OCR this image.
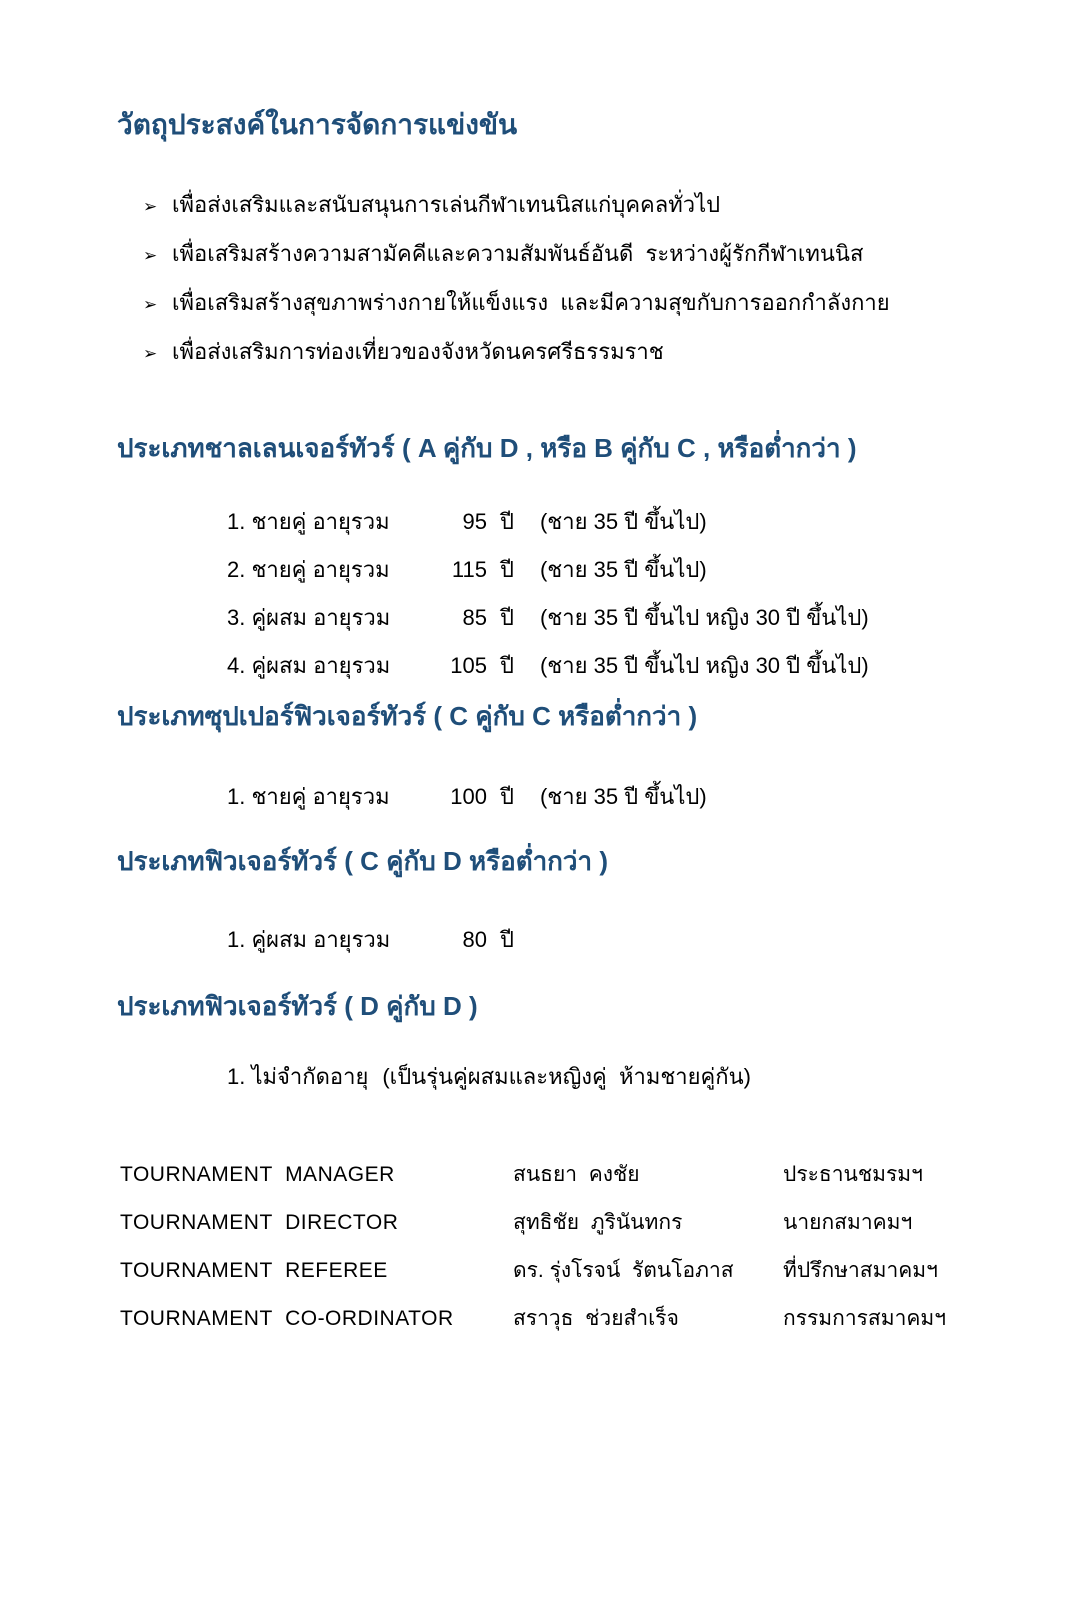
วัตถุประสงค์ในการจัดการแข่งขัน
➢ เพื่อส่งเสริมและสนับสนุนการเล่นกีฬาเทนนิสแก่บุคคลทั่วไป
➢ เพื่อเสริมสร้างความสามัคคีและความสัมพันธ์อันดี  ระหว่างผู้รักกีฬาเทนนิส
➢ เพื่อเสริมสร้างสุขภาพร่างกายให้แข็งแรง  และมีความสุขกับการออกกำลังกาย
➢ เพื่อส่งเสริมการท่องเที่ยวของจังหวัดนครศรีธรรมราช
ประเภทชาลเลนเจอร์ทัวร์ ( A คู่กับ D , หรือ B คู่กับ C , หรือต่ำกว่า )
1. ชายคู่ อายุรวม	95 ปี (ชาย 35 ปี ขึ้นไป)
2. ชายคู่ อายุรวม	115 ปี (ชาย 35 ปี ขึ้นไป)
3. คู่ผสม อายุรวม	85 ปี (ชาย 35 ปี ขึ้นไป หญิง 30 ปี ขึ้นไป)
4. คู่ผสม อายุรวม	105 ปี (ชาย 35 ปี ขึ้นไป หญิง 30 ปี ขึ้นไป)
ประเภทซุปเปอร์ฟิวเจอร์ทัวร์ ( C คู่กับ C หรือต่ำกว่า )
1. ชายคู่ อายุรวม	100 ปี (ชาย 35 ปี ขึ้นไป)
ประเภทฟิวเจอร์ทัวร์ ( C คู่กับ D หรือต่ำกว่า )
1. คู่ผสม อายุรวม	80 ปี
ประเภทฟิวเจอร์ทัวร์ ( D คู่กับ D )
1. ไม่จำกัดอายุ (เป็นรุ่นคู่ผสมและหญิงคู่  ห้ามชายคู่กัน)
TOURNAMENT  MANAGER	สนธยา  คงชัย	ประธานชมรมฯ
TOURNAMENT  DIRECTOR	สุทธิชัย  ภูรินันทกร	นายกสมาคมฯ
TOURNAMENT  REFEREE	ดร. รุ่งโรจน์  รัตนโอภาส	ที่ปรึกษาสมาคมฯ
TOURNAMENT  CO-ORDINATOR	สราวุธ  ช่วยสำเร็จ	กรรมการสมาคมฯ
